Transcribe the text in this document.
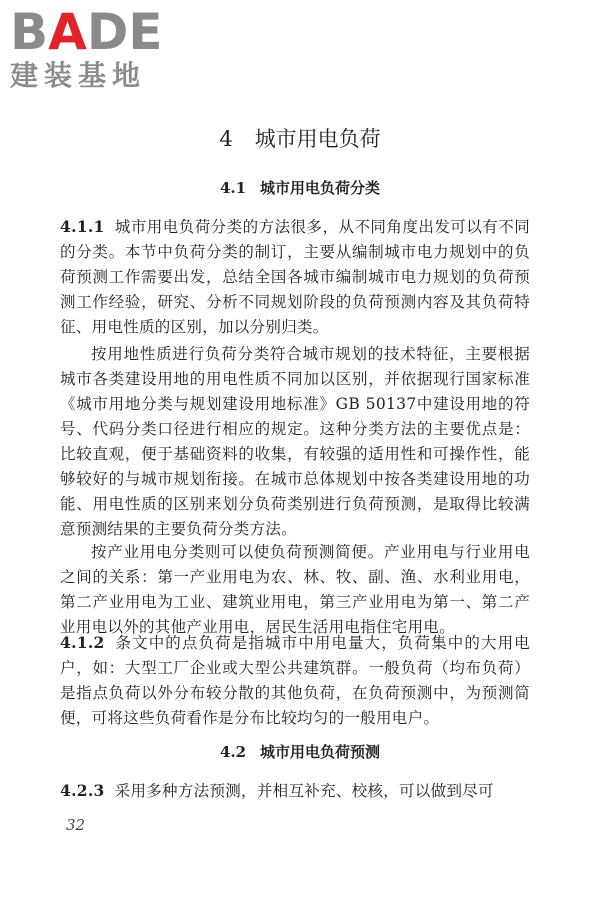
BADE
建装基地
4 城市用电负荷
4.1 城市用电负荷分类
4.1.1 城市用电负荷分类的方法很多，从不同角度出发可以有不同的分类。本节中负荷分类的制订，主要从编制城市电力规划中的负荷预测工作需要出发，总结全国各城市编制城市电力规划的负荷预测工作经验，研究、分析不同规划阶段的负荷预测内容及其负荷特征、用电性质的区别，加以分别归类。
按用地性质进行负荷分类符合城市规划的技术特征，主要根据城市各类建设用地的用电性质不同加以区别，并依据现行国家标准《城市用地分类与规划建设用地标准》GB 50137中建设用地的符号、代码分类口径进行相应的规定。这种分类方法的主要优点是：比较直观，便于基础资料的收集，有较强的适用性和可操作性，能够较好的与城市规划衔接。在城市总体规划中按各类建设用地的功能、用电性质的区别来划分负荷类别进行负荷预测，是取得比较满意预测结果的主要负荷分类方法。
按产业用电分类则可以使负荷预测简便。产业用电与行业用电之间的关系：第一产业用电为农、林、牧、副、渔、水利业用电，第二产业用电为工业、建筑业用电，第三产业用电为第一、第二产业用电以外的其他产业用电，居民生活用电指住宅用电。
4.1.2 条文中的点负荷是指城市中用电量大，负荷集中的大用电户，如：大型工厂企业或大型公共建筑群。一般负荷（均布负荷）是指点负荷以外分布较分散的其他负荷，在负荷预测中，为预测简便，可将这些负荷看作是分布比较均匀的一般用电户。
4.2 城市用电负荷预测
4.2.3 采用多种方法预测，并相互补充、校核，可以做到尽可
32
